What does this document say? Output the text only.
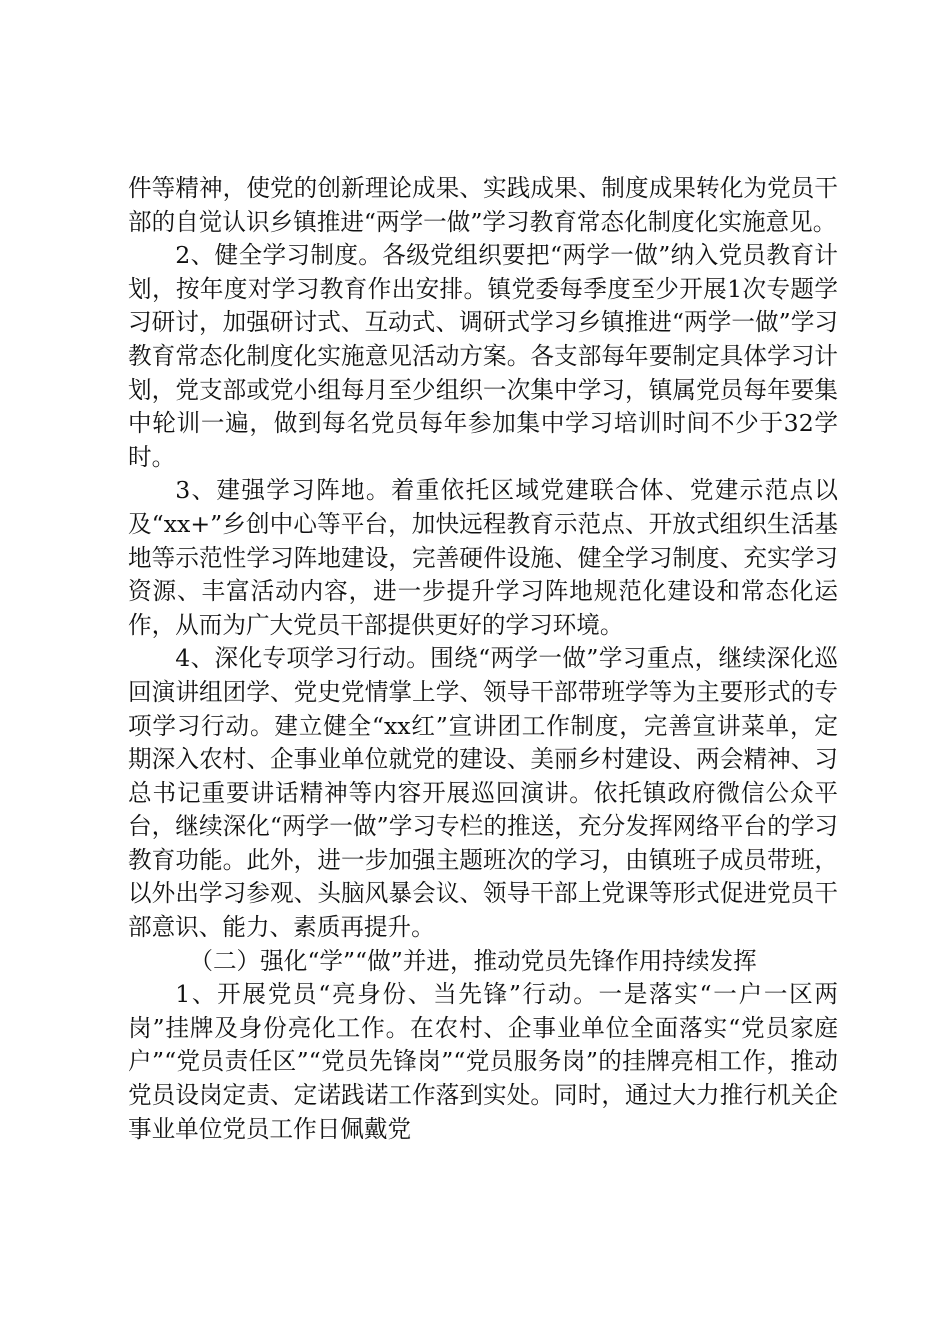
件等精神，使党的创新理论成果、实践成果、制度成果转化为党员干部的自觉认识乡镇推进“两学一做”学习教育常态化制度化实施意见。

2、健全学习制度。各级党组织要把“两学一做”纳入党员教育计划，按年度对学习教育作出安排。镇党委每季度至少开展1次专题学习研讨，加强研讨式、互动式、调研式学习乡镇推进“两学一做”学习教育常态化制度化实施意见活动方案。各支部每年要制定具体学习计划，党支部或党小组每月至少组织一次集中学习，镇属党员每年要集中轮训一遍，做到每名党员每年参加集中学习培训时间不少于32学时。

3、建强学习阵地。着重依托区域党建联合体、党建示范点以及“xx+”乡创中心等平台，加快远程教育示范点、开放式组织生活基地等示范性学习阵地建设，完善硬件设施、健全学习制度、充实学习资源、丰富活动内容，进一步提升学习阵地规范化建设和常态化运作，从而为广大党员干部提供更好的学习环境。

4、深化专项学习行动。围绕“两学一做”学习重点，继续深化巡回演讲组团学、党史党情掌上学、领导干部带班学等为主要形式的专项学习行动。建立健全“xx红”宣讲团工作制度，完善宣讲菜单，定期深入农村、企事业单位就党的建设、美丽乡村建设、两会精神、习总书记重要讲话精神等内容开展巡回演讲。依托镇政府微信公众平台，继续深化“两学一做”学习专栏的推送，充分发挥网络平台的学习教育功能。此外，进一步加强主题班次的学习，由镇班子成员带班，以外出学习参观、头脑风暴会议、领导干部上党课等形式促进党员干部意识、能力、素质再提升。

（二）强化“学”“做”并进，推动党员先锋作用持续发挥

1、开展党员“亮身份、当先锋”行动。一是落实“一户一区两岗”挂牌及身份亮化工作。在农村、企事业单位全面落实“党员家庭户”“党员责任区”“党员先锋岗”“党员服务岗”的挂牌亮相工作，推动党员设岗定责、定诺践诺工作落到实处。同时，通过大力推行机关企事业单位党员工作日佩戴党
